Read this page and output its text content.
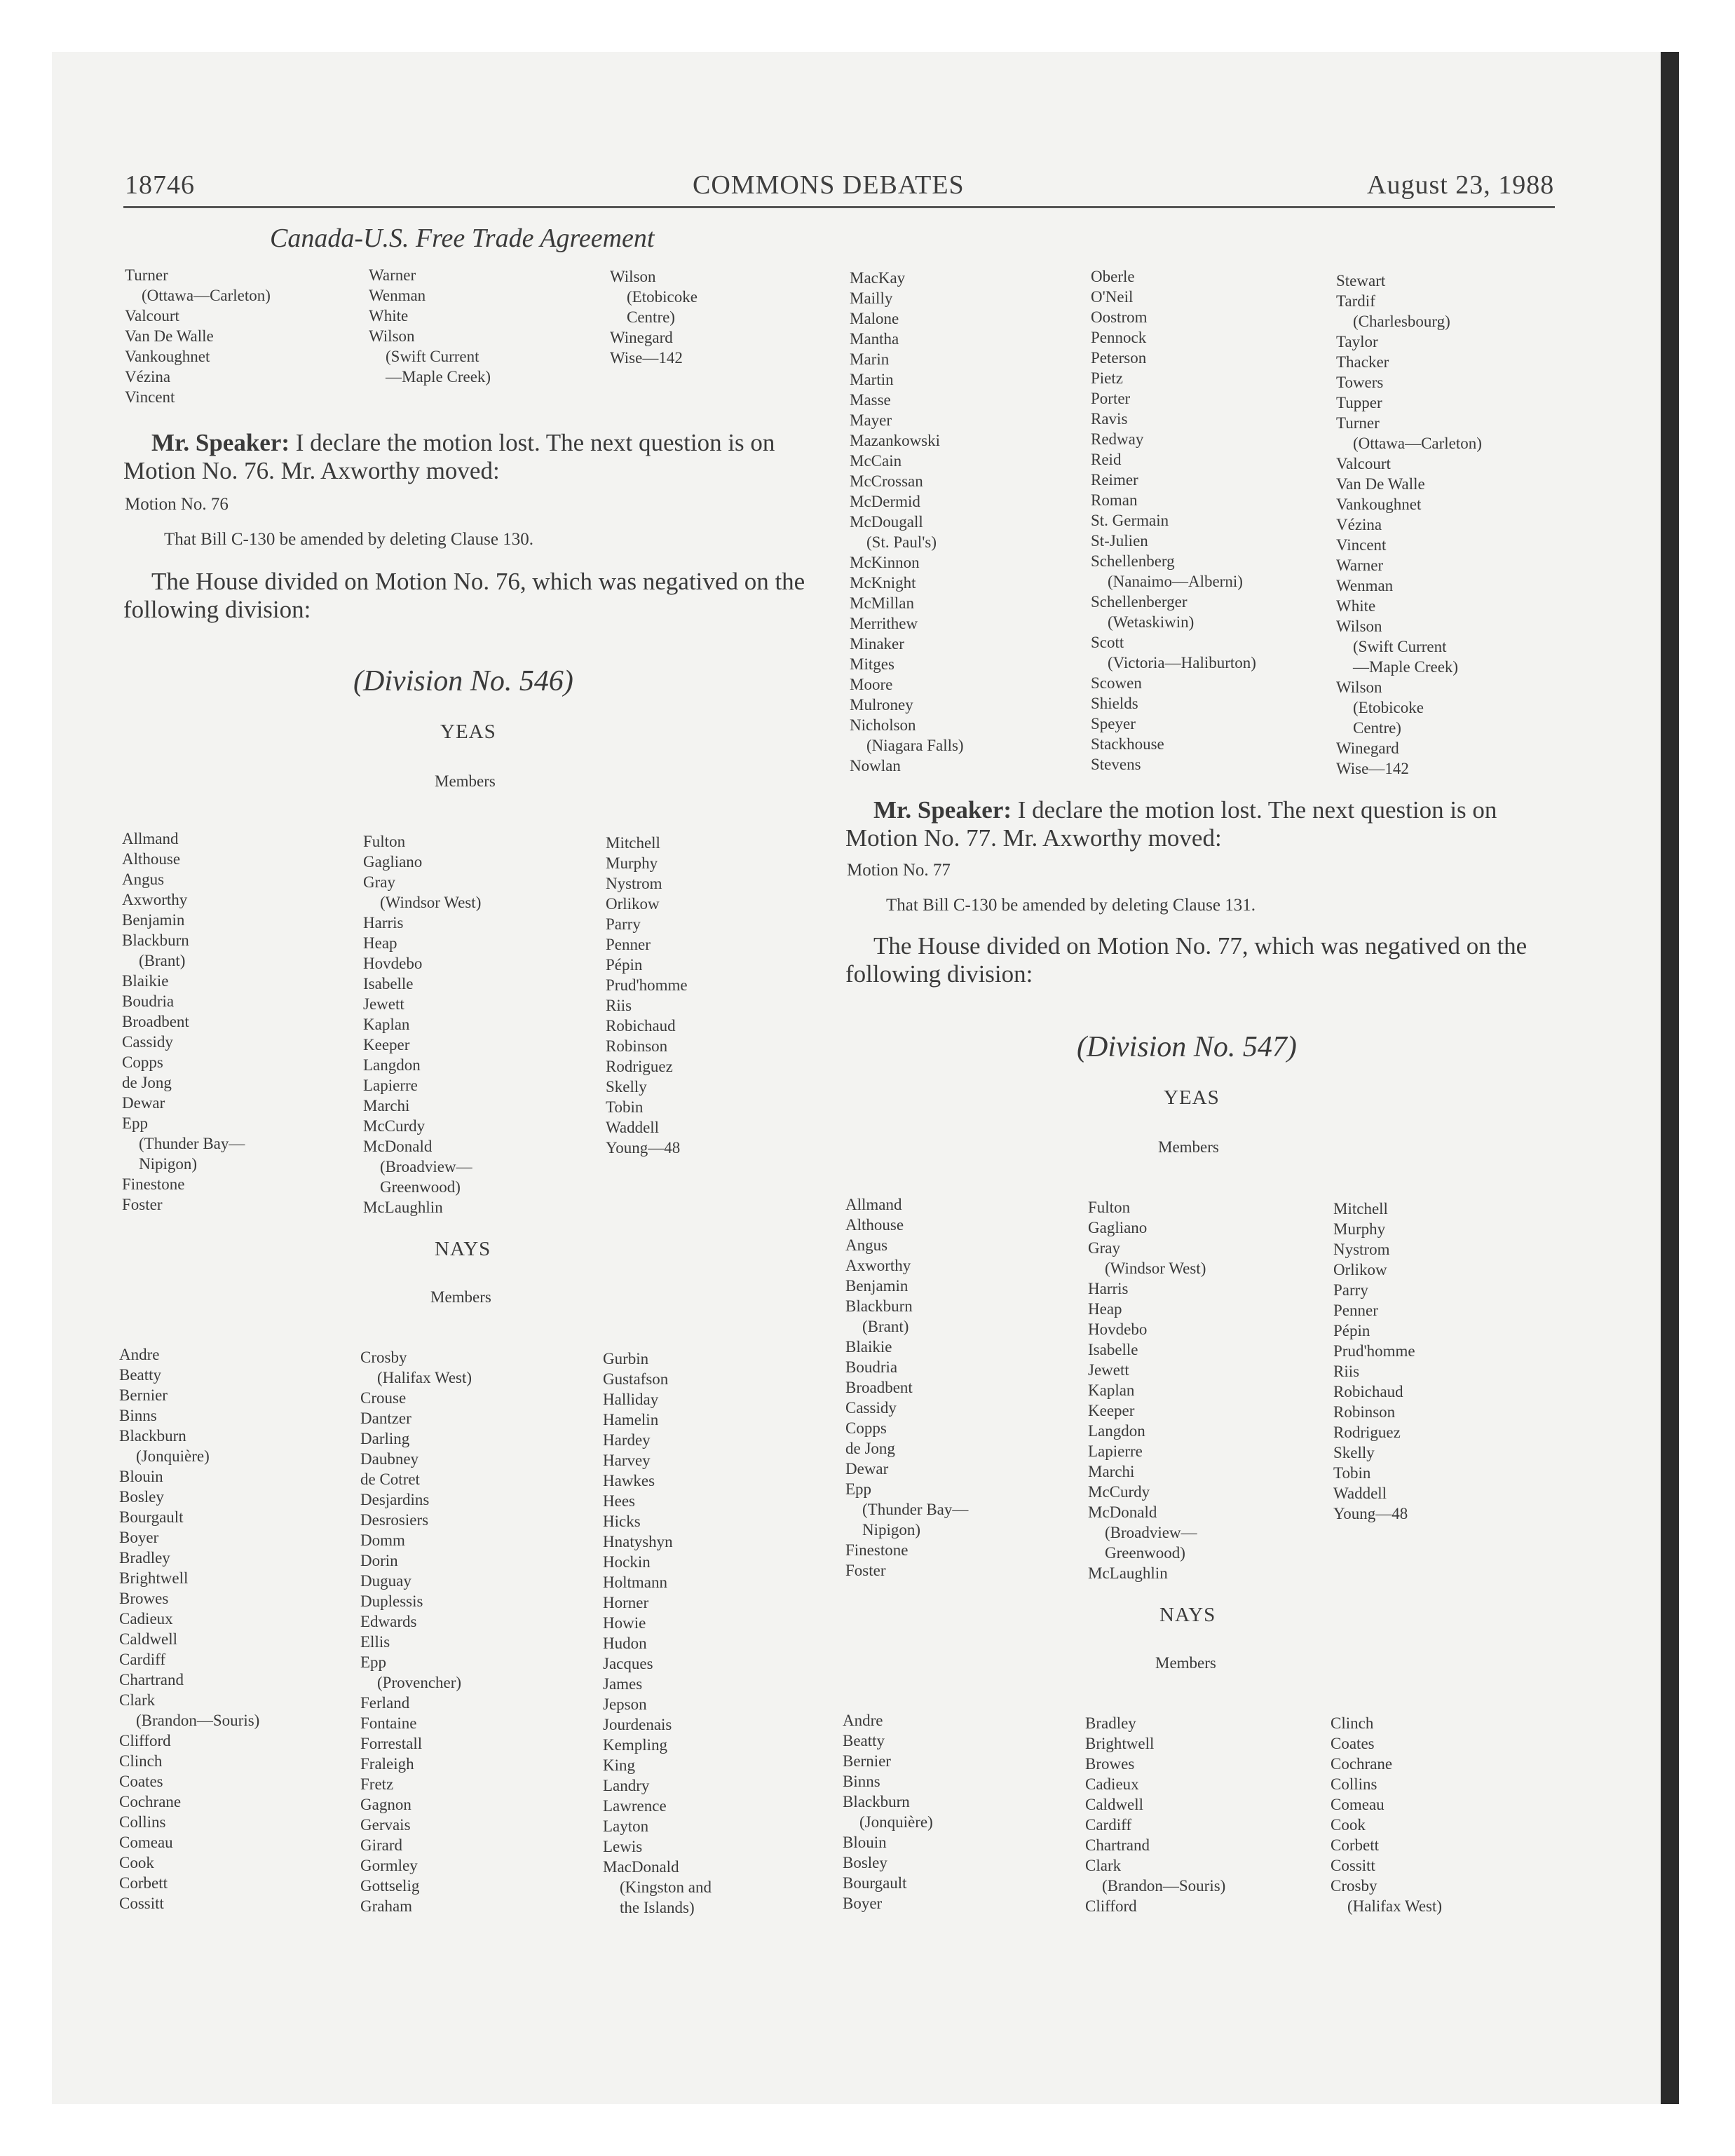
18746	COMMONS DEBATES	August 23, 1988
Canada-U.S. Free Trade Agreement
Turner
(Ottawa—Carleton)
Valcourt
Van De Walle
Vankoughnet
Vézina
Vincent
Warner
Wenman
White
Wilson
(Swift Current
—Maple Creek)
Wilson
(Etobicoke
Centre)
Winegard
Wise—142
Mr. Speaker: I declare the motion lost. The next question is on Motion No. 76. Mr. Axworthy moved:
Motion No. 76
That Bill C-130 be amended by deleting Clause 130.
The House divided on Motion No. 76, which was negatived on the following division:
(Division No. 546)
YEAS
Members
Allmand
Althouse
Angus
Axworthy
Benjamin
Blackburn
(Brant)
Blaikie
Boudria
Broadbent
Cassidy
Copps
de Jong
Dewar
Epp
(Thunder Bay—
Nipigon)
Finestone
Foster
Fulton
Gagliano
Gray
(Windsor West)
Harris
Heap
Hovdebo
Isabelle
Jewett
Kaplan
Keeper
Langdon
Lapierre
Marchi
McCurdy
McDonald
(Broadview—
Greenwood)
McLaughlin
Mitchell
Murphy
Nystrom
Orlikow
Parry
Penner
Pépin
Prud'homme
Riis
Robichaud
Robinson
Rodriguez
Skelly
Tobin
Waddell
Young—48
NAYS
Members
Andre
Beatty
Bernier
Binns
Blackburn
(Jonquière)
Blouin
Bosley
Bourgault
Boyer
Bradley
Brightwell
Browes
Cadieux
Caldwell
Cardiff
Chartrand
Clark
(Brandon—Souris)
Clifford
Clinch
Coates
Cochrane
Collins
Comeau
Cook
Corbett
Cossitt
Crosby
(Halifax West)
Crouse
Dantzer
Darling
Daubney
de Cotret
Desjardins
Desrosiers
Domm
Dorin
Duguay
Duplessis
Edwards
Ellis
Epp
(Provencher)
Ferland
Fontaine
Forrestall
Fraleigh
Fretz
Gagnon
Gervais
Girard
Gormley
Gottselig
Graham
Gurbin
Gustafson
Halliday
Hamelin
Hardey
Harvey
Hawkes
Hees
Hicks
Hnatyshyn
Hockin
Holtmann
Horner
Howie
Hudon
Jacques
James
Jepson
Jourdenais
Kempling
King
Landry
Lawrence
Layton
Lewis
MacDonald
(Kingston and
the Islands)
MacKay
Mailly
Malone
Mantha
Marin
Martin
Masse
Mayer
Mazankowski
McCain
McCrossan
McDermid
McDougall
(St. Paul's)
McKinnon
McKnight
McMillan
Merrithew
Minaker
Mitges
Moore
Mulroney
Nicholson
(Niagara Falls)
Nowlan
Oberle
O'Neil
Oostrom
Pennock
Peterson
Pietz
Porter
Ravis
Redway
Reid
Reimer
Roman
St. Germain
St-Julien
Schellenberg
(Nanaimo—Alberni)
Schellenberger
(Wetaskiwin)
Scott
(Victoria—Haliburton)
Scowen
Shields
Speyer
Stackhouse
Stevens
Stewart
Tardif
(Charlesbourg)
Taylor
Thacker
Towers
Tupper
Turner
(Ottawa—Carleton)
Valcourt
Van De Walle
Vankoughnet
Vézina
Vincent
Warner
Wenman
White
Wilson
(Swift Current
—Maple Creek)
Wilson
(Etobicoke
Centre)
Winegard
Wise—142
Mr. Speaker: I declare the motion lost. The next question is on Motion No. 77. Mr. Axworthy moved:
Motion No. 77
That Bill C-130 be amended by deleting Clause 131.
The House divided on Motion No. 77, which was negatived on the following division:
(Division No. 547)
YEAS
Members
Allmand
Althouse
Angus
Axworthy
Benjamin
Blackburn
(Brant)
Blaikie
Boudria
Broadbent
Cassidy
Copps
de Jong
Dewar
Epp
(Thunder Bay—
Nipigon)
Finestone
Foster
Fulton
Gagliano
Gray
(Windsor West)
Harris
Heap
Hovdebo
Isabelle
Jewett
Kaplan
Keeper
Langdon
Lapierre
Marchi
McCurdy
McDonald
(Broadview—
Greenwood)
McLaughlin
Mitchell
Murphy
Nystrom
Orlikow
Parry
Penner
Pépin
Prud'homme
Riis
Robichaud
Robinson
Rodriguez
Skelly
Tobin
Waddell
Young—48
NAYS
Members
Andre
Beatty
Bernier
Binns
Blackburn
(Jonquière)
Blouin
Bosley
Bourgault
Boyer
Bradley
Brightwell
Browes
Cadieux
Caldwell
Cardiff
Chartrand
Clark
(Brandon—Souris)
Clifford
Clinch
Coates
Cochrane
Collins
Comeau
Cook
Corbett
Cossitt
Crosby
(Halifax West)
